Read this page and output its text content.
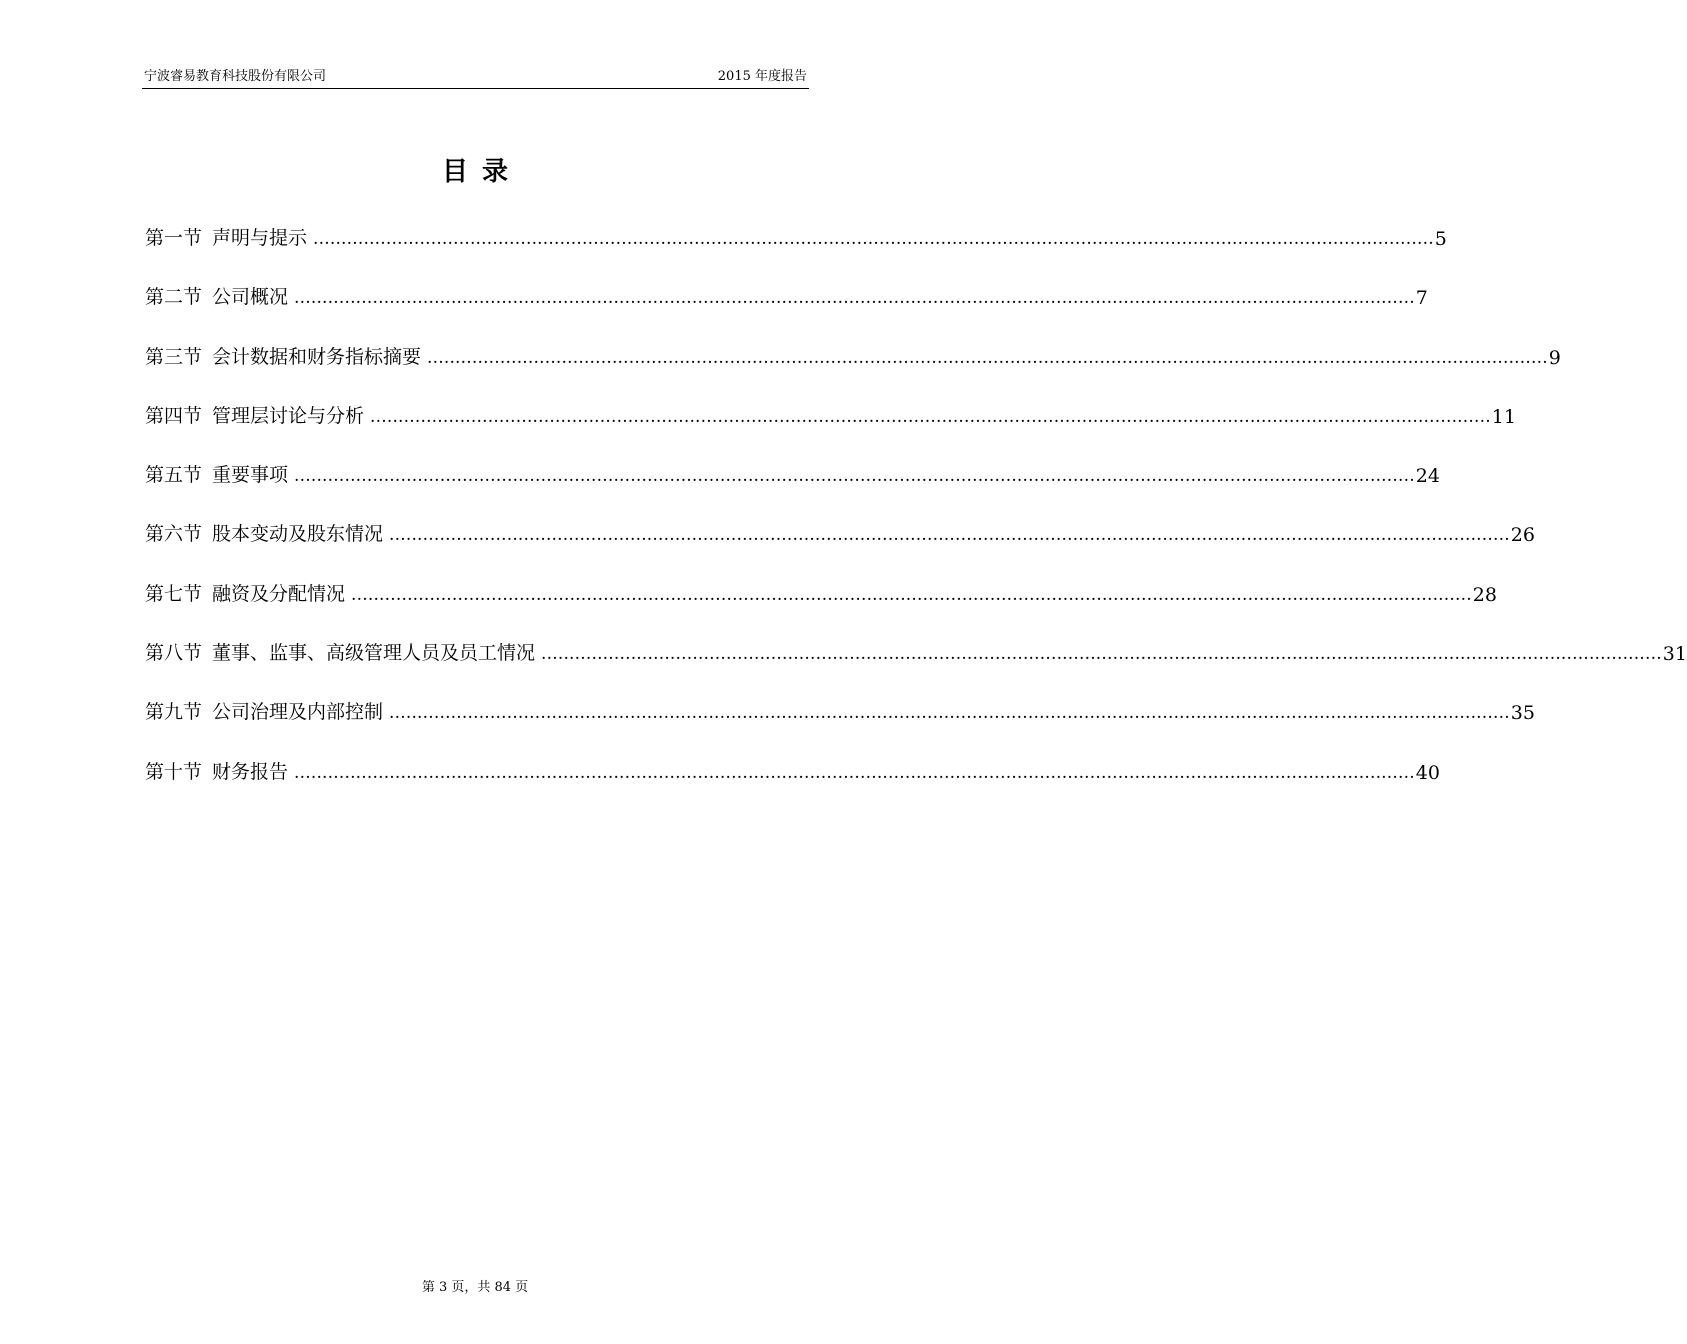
宁波睿易教育科技股份有限公司	2015 年度报告
目录
第一节 声明与提示 ........................................................................................................................................................................................................ 5
第二节 公司概况 ........................................................................................................................................................................................................ 7
第三节 会计数据和财务指标摘要 ........................................................................................................................................................................................................ 9
第四节 管理层讨论与分析 ........................................................................................................................................................................................................ 11
第五节 重要事项 ........................................................................................................................................................................................................ 24
第六节 股本变动及股东情况 ........................................................................................................................................................................................................ 26
第七节 融资及分配情况 ........................................................................................................................................................................................................ 28
第八节 董事、监事、高级管理人员及员工情况 ........................................................................................................................................................................................................ 31
第九节 公司治理及内部控制 ........................................................................................................................................................................................................ 35
第十节 财务报告 ........................................................................................................................................................................................................ 40
第 3 页，共 84 页
